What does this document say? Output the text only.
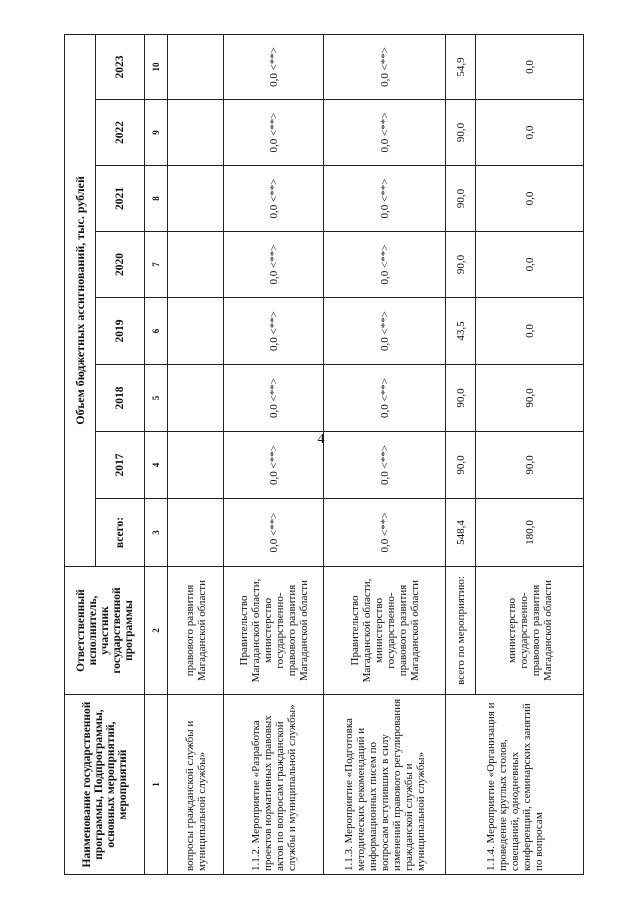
4
Наименование государственной программы, Подпрограммы, основных мероприятий, мероприятий	Ответственный исполнитель, участник государственной программы	Объем бюджетных ассигнований, тыс. рублей							
		всего:	2017	2018	2019	2020	2021	2022	2023
1	2	3	4	5	6	7	8	9	10
вопросы гражданской службы и муниципальной службы»	правового развития Магаданской области								
1.1.2. Мероприятие «Разработка проектов нормативных правовых актов по вопросам гражданской службы и муниципальной службы»	Правительство Магаданской области, министерство государственно-правового развития Магаданской области	0,0 <**>	0,0 <**>	0,0 <**>	0,0 <**>	0,0 <**>	0,0 <**>	0,0 <**>	0,0 <**>
1.1.3. Мероприятие «Подготовка методических рекомендаций и информационных писем по вопросам вступивших в силу изменений правового регулирования гражданской службы и муниципальной службы»	Правительство Магаданской области, министерство государственно-правового развития Магаданской области	0,0 <**>	0,0 <**>	0,0 <**>	0,0 <**>	0,0 <**>	0,0 <**>	0,0 <**>	0,0 <**>
1.1.4. Мероприятие «Организация и проведение круглых столов, совещаний, однодневных конференций, семинарских занятий по вопросам	всего по мероприятию:	548,4	90,0	90,0	43,5	90,0	90,0	90,0	54,9
	министерство государственно-правового развития Магаданской области	180,0	90,0	90,0	0,0	0,0	0,0	0,0	0,0
